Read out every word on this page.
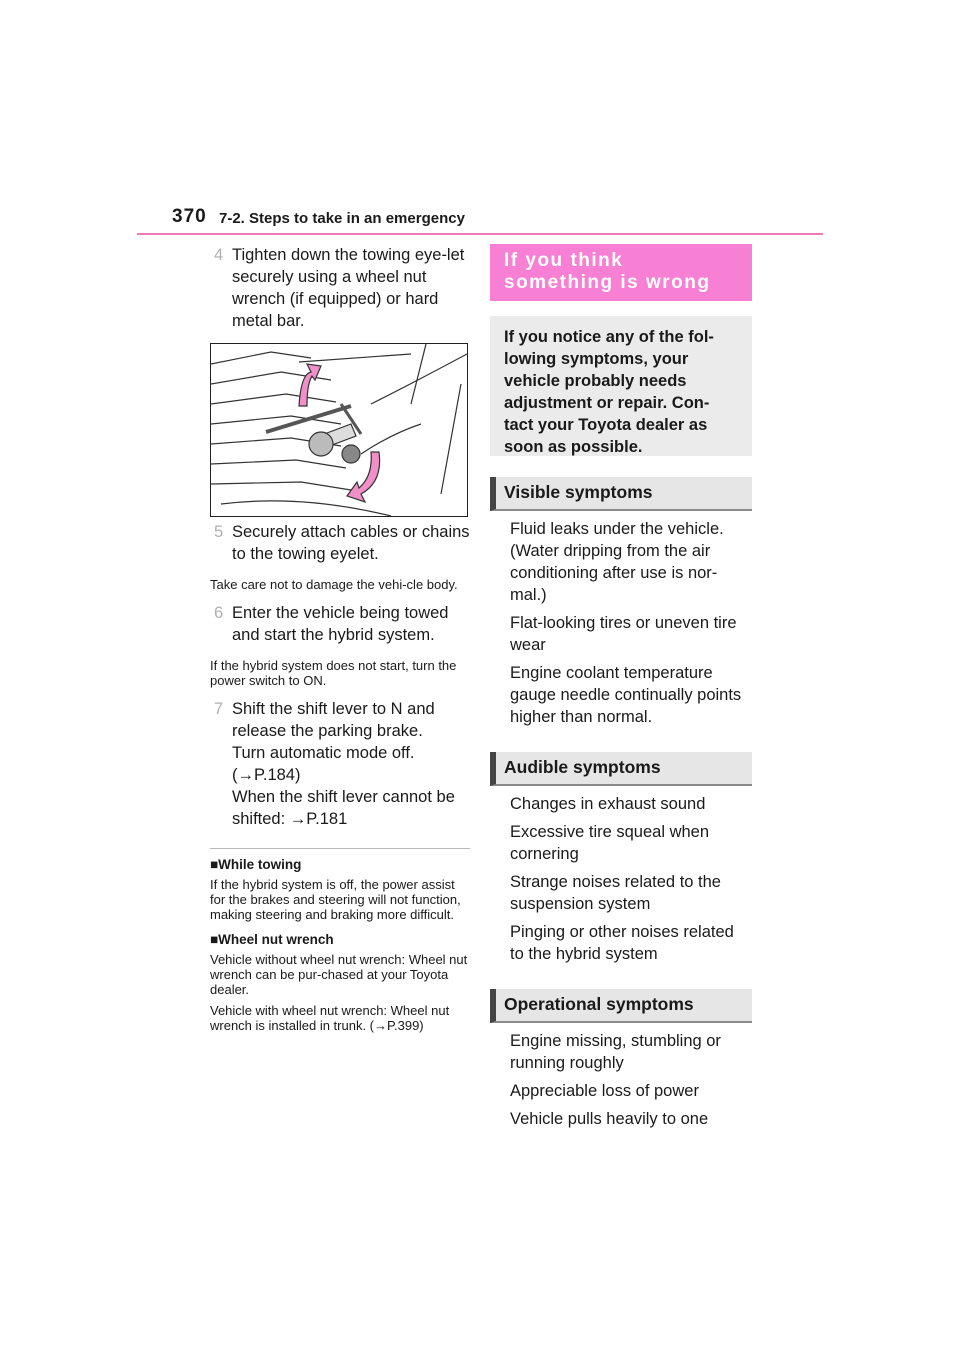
370 7-2. Steps to take in an emergency

4 Tighten down the towing eye-let securely using a wheel nut wrench (if equipped) or hard metal bar.

5 Securely attach cables or chains to the towing eyelet.

Take care not to damage the vehi-cle body.

6 Enter the vehicle being towed and start the hybrid system.

If the hybrid system does not start, turn the power switch to ON.

7 Shift the shift lever to N and release the parking brake.
Turn automatic mode off.
(→P.184)
When the shift lever cannot be shifted: →P.181

■While towing

If the hybrid system is off, the power assist for the brakes and steering will not function, making steering and braking more difficult.

■Wheel nut wrench

Vehicle without wheel nut wrench: Wheel nut wrench can be pur-chased at your Toyota dealer.

Vehicle with wheel nut wrench: Wheel nut wrench is installed in trunk. (→P.399)

If you think something is wrong
If you notice any of the fol-lowing symptoms, your vehicle probably needs adjustment or repair. Con-tact your Toyota dealer as soon as possible.
Visible symptoms
Fluid leaks under the vehicle. (Water dripping from the air conditioning after use is nor-mal.)
Flat-looking tires or uneven tire wear
Engine coolant temperature gauge needle continually points higher than normal.
Audible symptoms
Changes in exhaust sound
Excessive tire squeal when cornering
Strange noises related to the suspension system
Pinging or other noises related to the hybrid system
Operational symptoms
Engine missing, stumbling or running roughly
Appreciable loss of power
Vehicle pulls heavily to one
